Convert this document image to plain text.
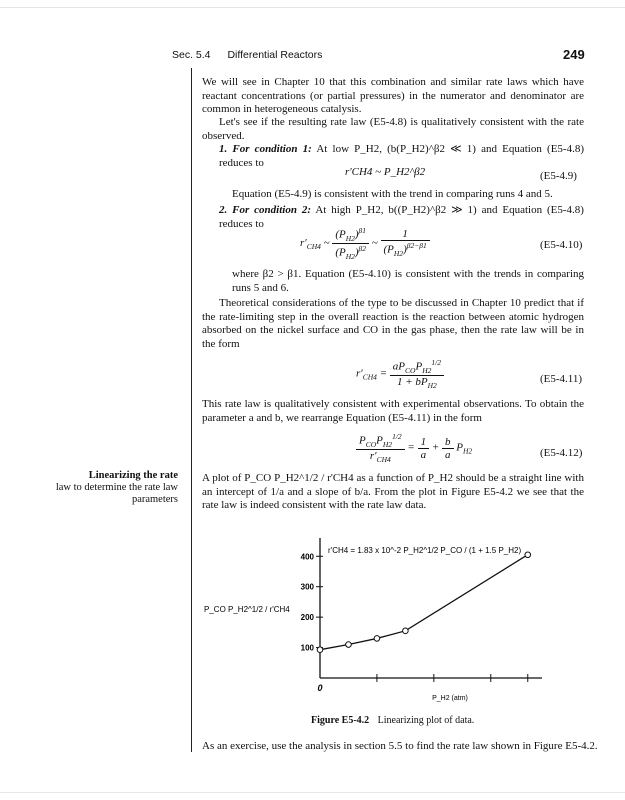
Sec. 5.4 Differential Reactors	249
Linearizing the rate
law to determine the rate law parameters

We will see in Chapter 10 that this combination and similar rate laws which have reactant concentrations (or partial pressures) in the numerator and denominator are common in heterogeneous catalysis.

Let's see if the resulting rate law (E5-4.8) is qualitatively consistent with the rate observed.

1. For condition 1: At low P_H2, (b(P_H2)^β2 ≪ 1) and Equation (E5-4.8) reduces to

r'CH4 ~ P_H2^β2	(E5-4.9)

Equation (E5-4.9) is consistent with the trend in comparing runs 4 and 5.

2. For condition 2: At high P_H2, b((P_H2)^β2 ≫ 1) and Equation (E5-4.8) reduces to

$r'_{CH4}$ ~ $\frac{(P_{H2})^{\beta 1}}{(P_{H2})^{\beta 2}}$ ~ $\frac{1}{(P_{H2})^{\beta 2-\beta 1}}$	(E5-4.10)

where β2 > β1. Equation (E5-4.10) is consistent with the trends in comparing runs 5 and 6.

Theoretical considerations of the type to be discussed in Chapter 10 predict that if the rate-limiting step in the overall reaction is the reaction between atomic hydrogen absorbed on the nickel surface and CO in the gas phase, then the rate law will be in the form

$r'_{CH4} = \frac{aP_{CO}P_{H2}^{1/2}}{1 + bP_{H2}}$	(E5-4.11)

This rate law is qualitatively consistent with experimental observations. To obtain the parameter a and b, we rearrange Equation (E5-4.11) in the form

$\frac{P_{CO}P_{H2}^{1/2}}{r'_{CH4}} = \frac{1}{a} + \frac{b}{a} P_{H2}$	(E5-4.12)

A plot of P_CO P_H2^1/2 / r'CH4 as a function of P_H2 should be a straight line with an intercept of 1/a and a slope of b/a. From the plot in Figure E5-4.2 we see that the rate law is indeed consistent with the rate law data.

100
200
300
400
0
P_H2 (atm)
P_CO P_H2^1/2 / r'CH4
r'CH4 = 1.83 x 10^-2 P_H2^1/2 P_CO / (1 + 1.5 P_H2)
Figure E5-4.2 Linearizing plot of data.
As an exercise, use the analysis in section 5.5 to find the rate law shown in Figure E5-4.2.
